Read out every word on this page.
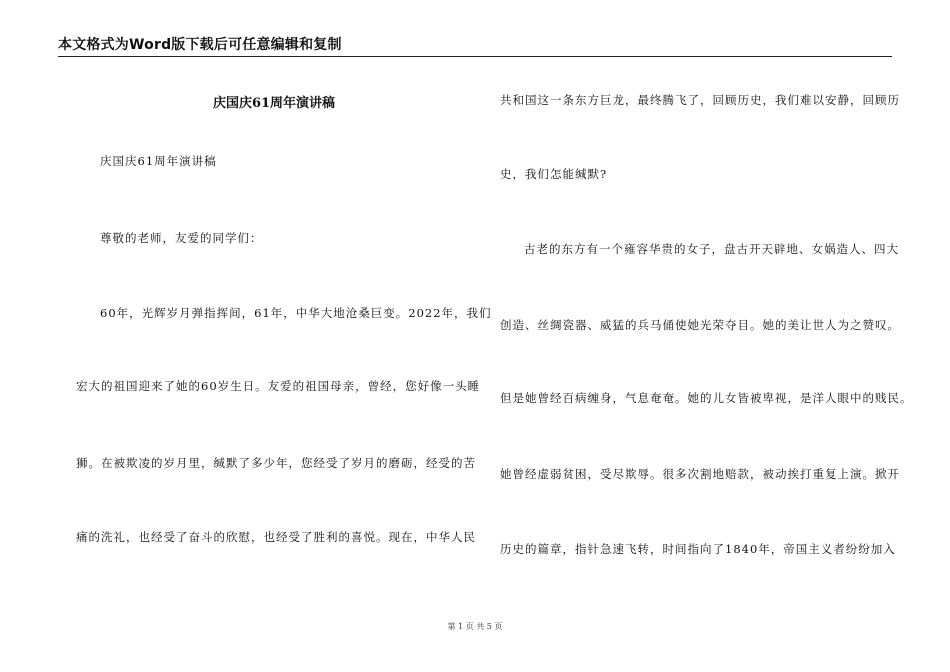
本文格式为Word版下载后可任意编辑和复制
庆国庆61周年演讲稿
庆国庆61周年演讲稿
尊敬的老师，友爱的同学们：
60年，光辉岁月弹指挥间，61年，中华大地沧桑巨变。2022年，我们
宏大的祖国迎来了她的60岁生日。友爱的祖国母亲，曾经，您好像一头睡
狮。在被欺凌的岁月里，缄默了多少年，您经受了岁月的磨砺，经受的苦
痛的洗礼，也经受了奋斗的欣慰，也经受了胜利的喜悦。现在，中华人民
共和国这一条东方巨龙，最终腾飞了，回顾历史，我们难以安静，回顾历
史，我们怎能缄默?
古老的东方有一个雍容华贵的女子，盘古开天辟地、女娲造人、四大
创造、丝绸瓷器、威猛的兵马俑使她光荣夺目。她的美让世人为之赞叹。
但是她曾经百病缠身，气息奄奄。她的儿女皆被卑视，是洋人眼中的贱民。
她曾经虚弱贫困，受尽欺辱。很多次割地赔款，被动挨打重复上演。掀开
历史的篇章，指针急速飞转，时间指向了1840年，帝国主义者纷纷加入
第 1 页 共 5 页
